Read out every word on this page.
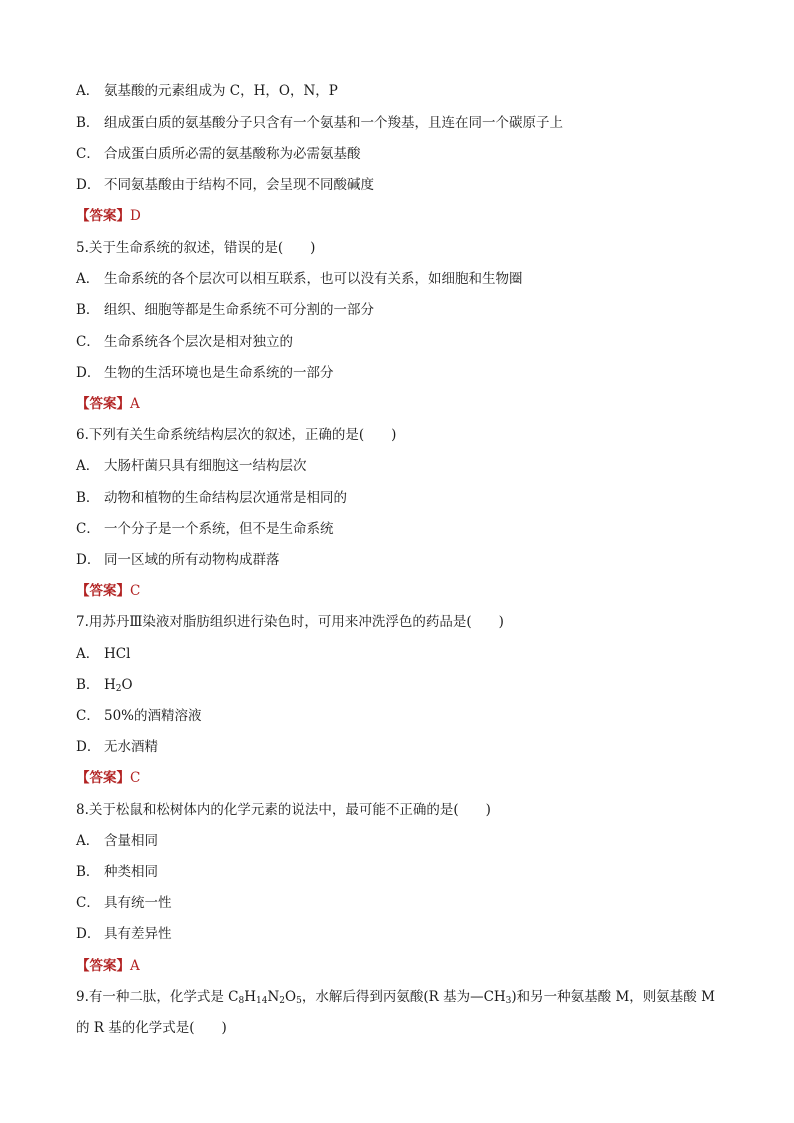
A． 氨基酸的元素组成为 C，H，O，N，P
B． 组成蛋白质的氨基酸分子只含有一个氨基和一个羧基，且连在同一个碳原子上
C． 合成蛋白质所必需的氨基酸称为必需氨基酸
D． 不同氨基酸由于结构不同，会呈现不同酸碱度
【答案】D
5.关于生命系统的叙述，错误的是(　　)
A． 生命系统的各个层次可以相互联系，也可以没有关系，如细胞和生物圈
B． 组织、细胞等都是生命系统不可分割的一部分
C． 生命系统各个层次是相对独立的
D． 生物的生活环境也是生命系统的一部分
【答案】A
6.下列有关生命系统结构层次的叙述，正确的是(　　)
A． 大肠杆菌只具有细胞这一结构层次
B． 动物和植物的生命结构层次通常是相同的
C． 一个分子是一个系统，但不是生命系统
D． 同一区域的所有动物构成群落
【答案】C
7.用苏丹Ⅲ染液对脂肪组织进行染色时，可用来冲洗浮色的药品是(　　)
A． HCl
B． $H_2O$
C． 50%的酒精溶液
D． 无水酒精
【答案】C
8.关于松鼠和松树体内的化学元素的说法中，最可能不正确的是(　　)
A． 含量相同
B． 种类相同
C． 具有统一性
D． 具有差异性
【答案】A
9.有一种二肽，化学式是 $C_8H_{14}N_2O_5$，水解后得到丙氨酸(R 基为$—CH_3$)和另一种氨基酸 M，则氨基酸 M
的 R 基的化学式是(　　)
